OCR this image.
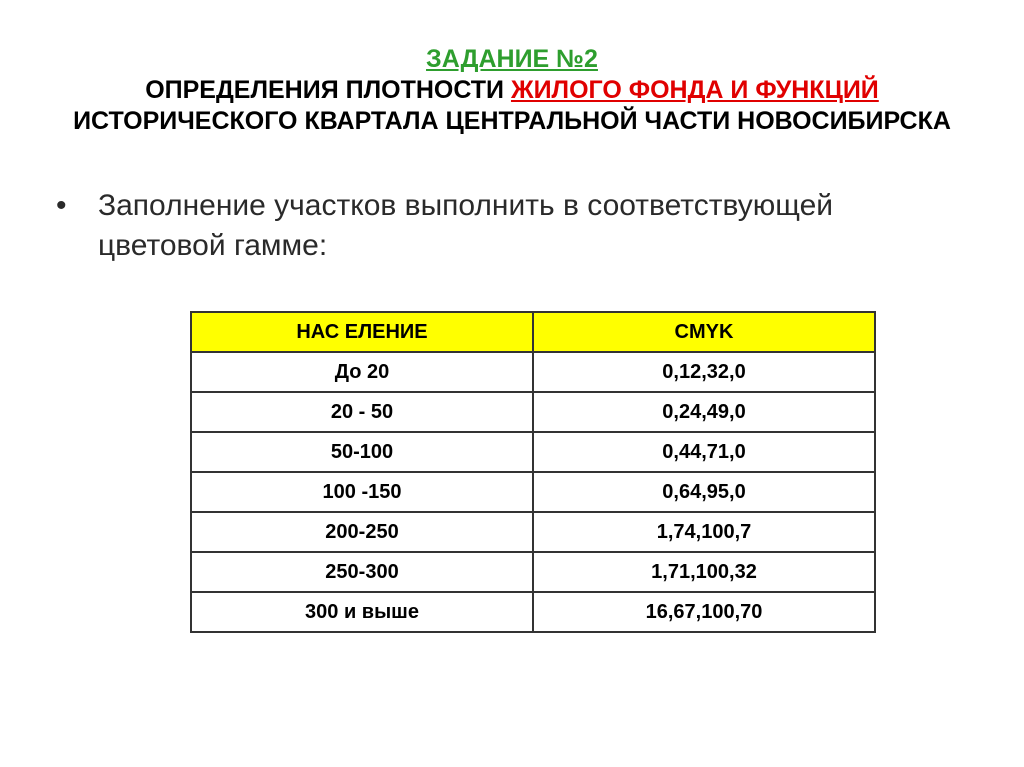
ЗАДАНИЕ №2
ОПРЕДЕЛЕНИЯ ПЛОТНОСТИ ЖИЛОГО ФОНДА И ФУНКЦИЙ
ИСТОРИЧЕСКОГО КВАРТАЛА ЦЕНТРАЛЬНОЙ ЧАСТИ НОВОСИБИРСКА
•	Заполнение участков выполнить в соответствующей цветовой гамме:
НАС ЕЛЕНИЕ	CMYK
До 20	0,12,32,0
20 - 50	0,24,49,0
50-100	0,44,71,0
100 -150	0,64,95,0
200-250	1,74,100,7
250-300	1,71,100,32
300 и выше	16,67,100,70
